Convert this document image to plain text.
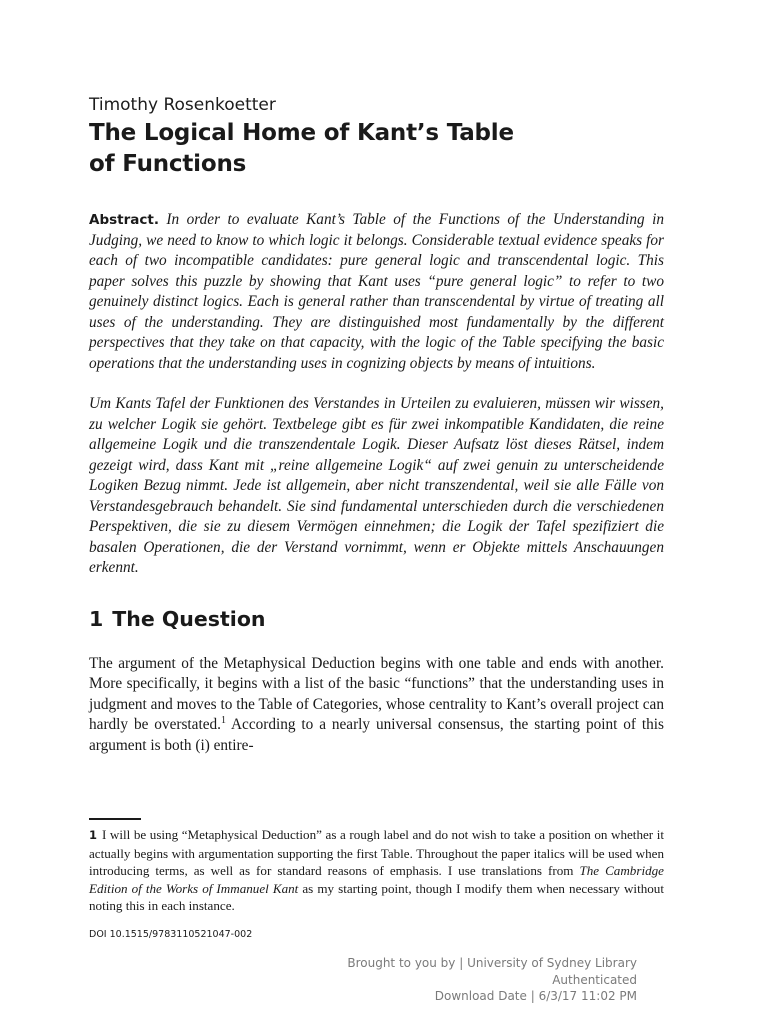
Timothy Rosenkoetter

The Logical Home of Kant’s Table
of Functions
Abstract. In order to evaluate Kant’s Table of the Functions of the Understanding in Judging, we need to know to which logic it belongs. Considerable textual evidence speaks for each of two incompatible candidates: pure general logic and transcendental logic. This paper solves this puzzle by showing that Kant uses “pure general logic” to refer to two genuinely distinct logics. Each is general rather than transcendental by virtue of treating all uses of the understanding. They are distinguished most fundamentally by the different perspectives that they take on that capacity, with the logic of the Table specifying the basic operations that the understanding uses in cognizing objects by means of intuitions.
Um Kants Tafel der Funktionen des Verstandes in Urteilen zu evaluieren, müssen wir wissen, zu welcher Logik sie gehört. Textbelege gibt es für zwei inkompatible Kandidaten, die reine allgemeine Logik und die transzendentale Logik. Dieser Aufsatz löst dieses Rätsel, indem gezeigt wird, dass Kant mit „reine allgemeine Logik“ auf zwei genuin zu unterscheidende Logiken Bezug nimmt. Jede ist allgemein, aber nicht transzendental, weil sie alle Fälle von Verstandesgebrauch behandelt. Sie sind fundamental unterschieden durch die verschiedenen Perspektiven, die sie zu diesem Vermögen einnehmen; die Logik der Tafel spezifiziert die basalen Operationen, die der Verstand vornimmt, wenn er Objekte mittels Anschauungen erkennt.
1 The Question
The argument of the Metaphysical Deduction begins with one table and ends with another. More specifically, it begins with a list of the basic “functions” that the understanding uses in judgment and moves to the Table of Categories, whose centrality to Kant’s overall project can hardly be overstated.$^1$ According to a nearly universal consensus, the starting point of this argument is both (i) entire-
1 I will be using “Metaphysical Deduction” as a rough label and do not wish to take a position on whether it actually begins with argumentation supporting the first Table. Throughout the paper italics will be used when introducing terms, as well as for standard reasons of emphasis. I use translations from The Cambridge Edition of the Works of Immanuel Kant as my starting point, though I modify them when necessary without noting this in each instance.
DOI 10.1515/9783110521047-002
Brought to you by | University of Sydney Library
Authenticated
Download Date | 6/3/17 11:02 PM
